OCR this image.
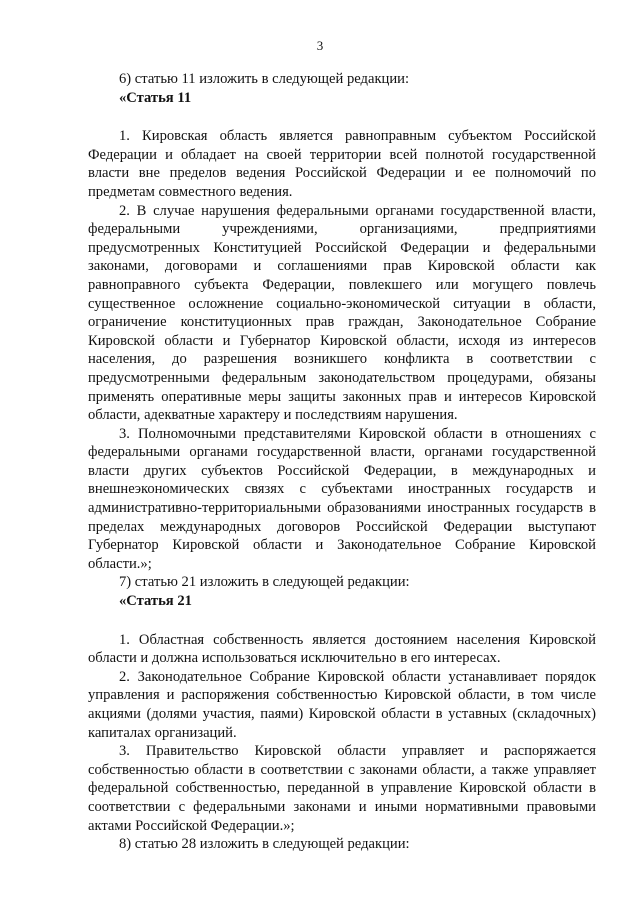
3

6) статью 11 изложить в следующей редакции:

«Статья 11

1. Кировская область является равноправным субъектом Российской Федерации и обладает на своей территории всей полнотой государственной власти вне пределов ведения Российской Федерации и ее полномочий по предметам совместного ведения.

2. В случае нарушения федеральными органами государственной власти, федеральными учреждениями, организациями, предприятиями предусмотренных Конституцией Российской Федерации и федеральными законами, договорами и соглашениями прав Кировской области как равноправного субъекта Федерации, повлекшего или могущего повлечь существенное осложнение социально-экономической ситуации в области, ограничение конституционных прав граждан, Законодательное Собрание Кировской области и Губернатор Кировской области, исходя из интересов населения, до разрешения возникшего конфликта в соответствии с предусмотренными федеральным законодательством процедурами, обязаны применять оперативные меры защиты законных прав и интересов Кировской области, адекватные характеру и последствиям нарушения.

3. Полномочными представителями Кировской области в отношениях с федеральными органами государственной власти, органами государственной власти других субъектов Российской Федерации, в международных и внешнеэкономических связях с субъектами иностранных государств и административно-территориальными образованиями иностранных государств в пределах международных договоров Российской Федерации выступают Губернатор Кировской области и Законодательное Собрание Кировской области.»;

7) статью 21 изложить в следующей редакции:

«Статья 21

1. Областная собственность является достоянием населения Кировской области и должна использоваться исключительно в его интересах.

2. Законодательное Собрание Кировской области устанавливает порядок управления и распоряжения собственностью Кировской области, в том числе акциями (долями участия, паями) Кировской области в уставных (складочных) капиталах организаций.

3. Правительство Кировской области управляет и распоряжается собственностью области в соответствии с законами области, а также управляет федеральной собственностью, переданной в управление Кировской области в соответствии с федеральными законами и иными нормативными правовыми актами Российской Федерации.»;

8) статью 28 изложить в следующей редакции:
